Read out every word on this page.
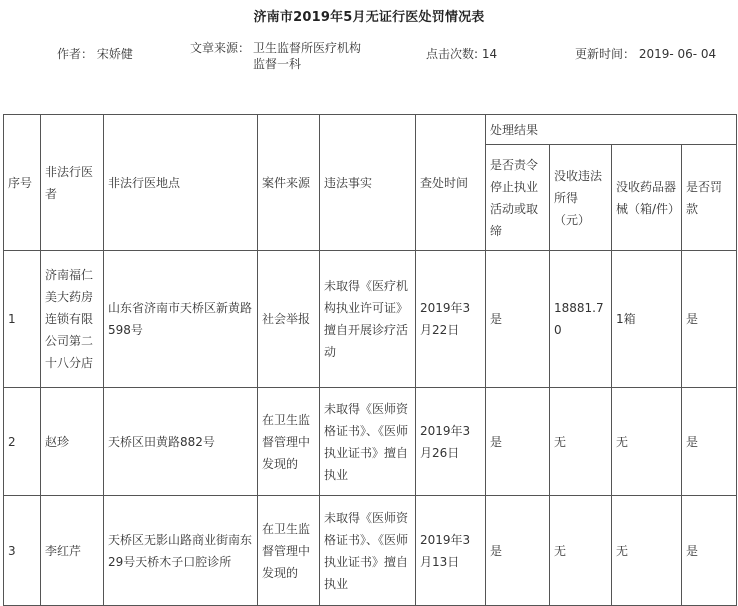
济南市2019年5月无证行医处罚情况表
作者： 宋娇健	文章来源： 卫生监督所医疗机构监督一科
点击次数: 14	更新时间： 2019- 06- 04
序号	非法行医者	非法行医地点	案件来源	违法事实	查处时间	处理结果			
						是否责令停止执业活动或取缔	没收违法所得（元）	没收药品器械（箱/件）	是否罚款
1	济南福仁美大药房连锁有限公司第二十八分店	山东省济南市天桥区新黄路598号	社会举报	未取得《医疗机构执业许可证》擅自开展诊疗活动	2019年3月22日	是	18881.70	1箱	是
2	赵珍	天桥区田黄路882号	在卫生监督管理中发现的	未取得《医师资格证书》、《医师执业证书》擅自执业	2019年3月26日	是	无	无	是
3	李红芹	天桥区无影山路商业街南东29号天桥木子口腔诊所	在卫生监督管理中发现的	未取得《医师资格证书》、《医师执业证书》擅自执业	2019年3月13日	是	无	无	是
